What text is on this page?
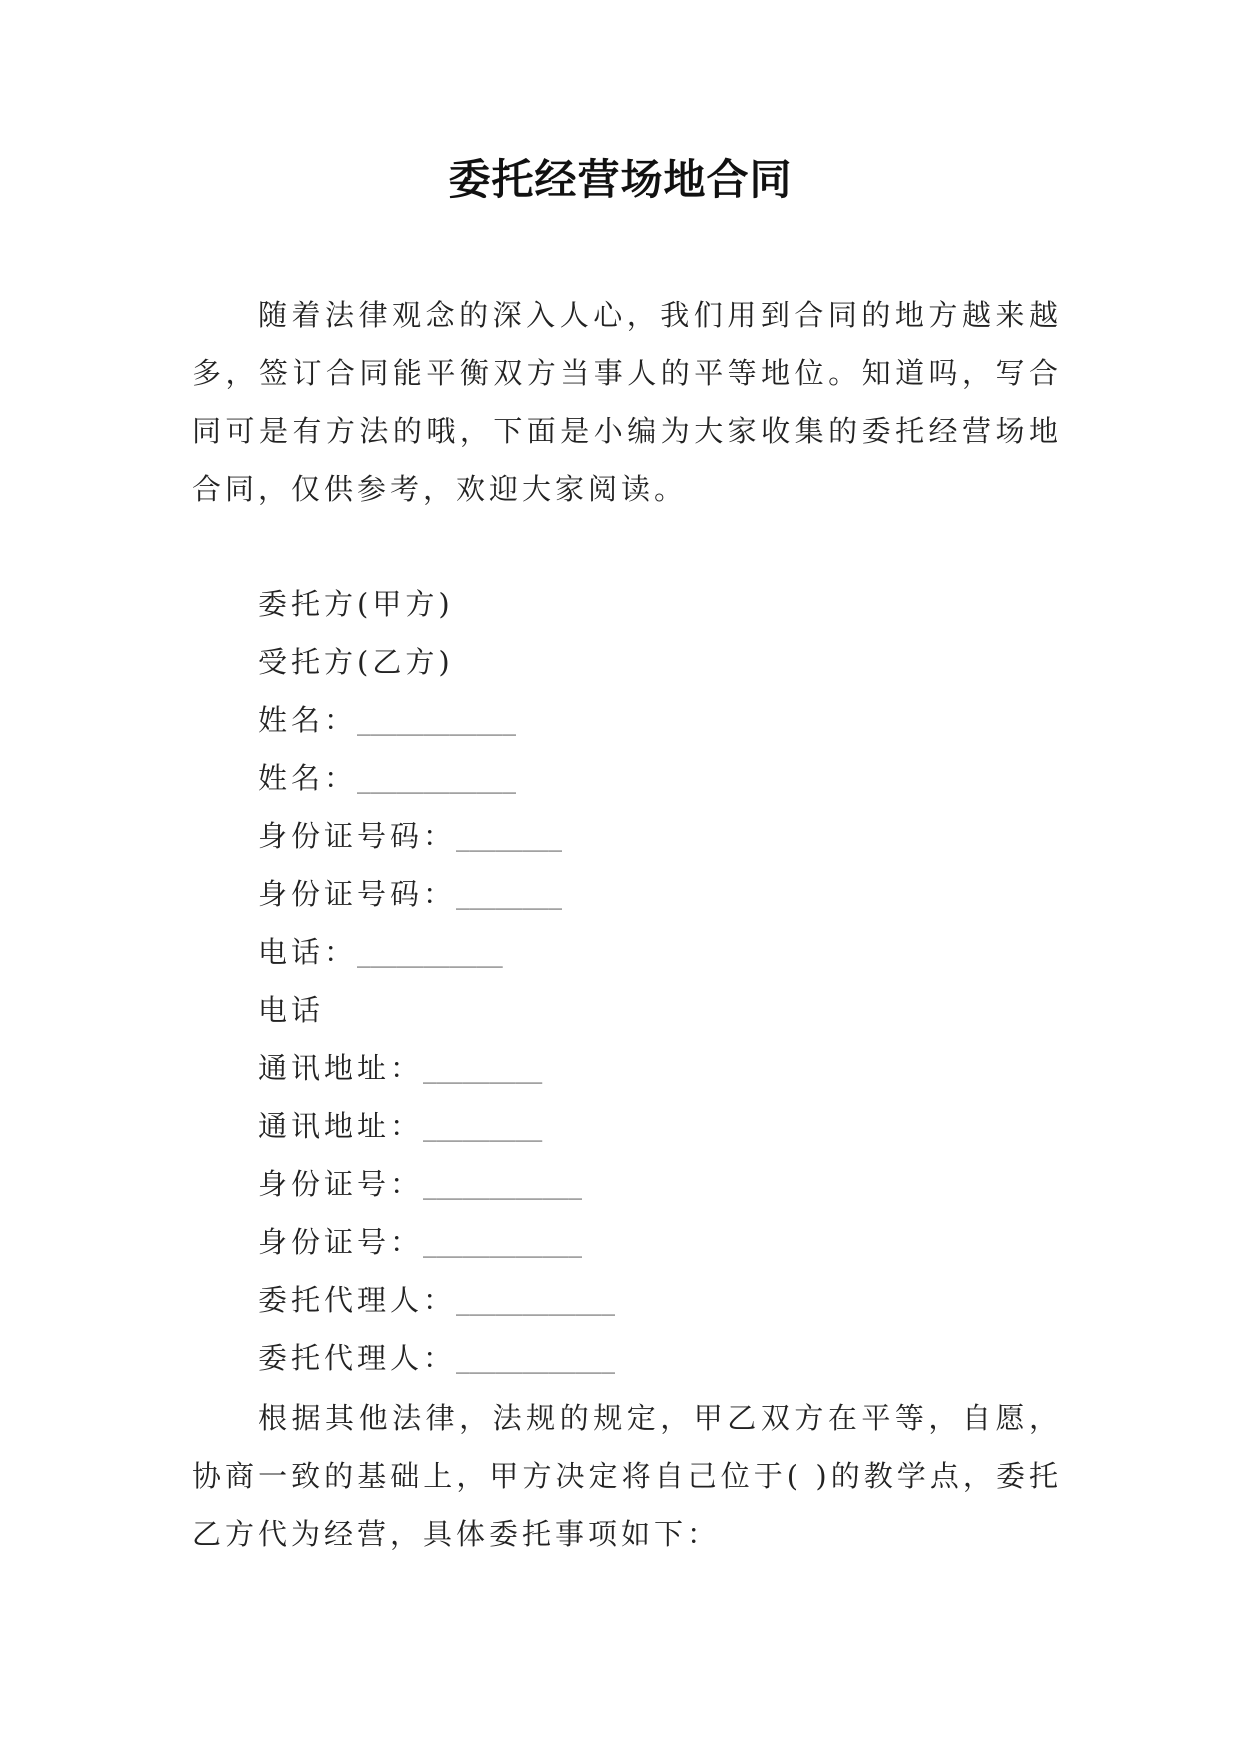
委托经营场地合同

随着法律观念的深入人心，我们用到合同的地方越来越多，签订合同能平衡双方当事人的平等地位。知道吗，写合同可是有方法的哦，下面是小编为大家收集的委托经营场地合同，仅供参考，欢迎大家阅读。

委托方(甲方)
受托方(乙方)
姓名：____________
姓名：____________
身份证号码：________
身份证号码：________
电话：___________
电话
通讯地址：_________
通讯地址：_________
身份证号：____________
身份证号：____________
委托代理人：____________
委托代理人：____________

根据其他法律，法规的规定，甲乙双方在平等，自愿，协商一致的基础上，甲方决定将自己位于( )的教学点，委托乙方代为经营，具体委托事项如下：
